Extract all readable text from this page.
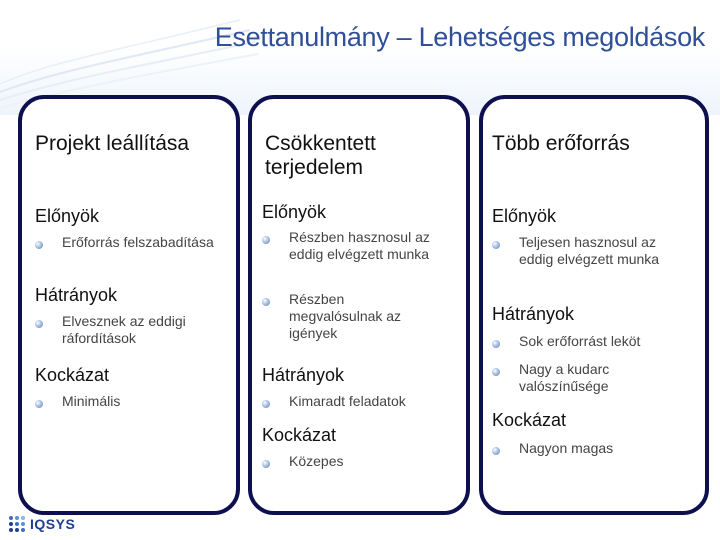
Esettanulmány – Lehetséges megoldások
Projekt leállítása
Előnyök
Erőforrás felszabadítása
Hátrányok
Elvesznek az eddigi ráfordítások
Kockázat
Minimális
Csökkentett terjedelem
Előnyök
Részben hasznosul az eddig elvégzett munka
Részben megvalósulnak az igények
Hátrányok
Kimaradt feladatok
Kockázat
Közepes
Több erőforrás
Előnyök
Teljesen hasznosul az eddig elvégzett munka
Hátrányok
Sok erőforrást leköt
Nagy a kudarc valószínűsége
Kockázat
Nagyon magas
IQSYS
